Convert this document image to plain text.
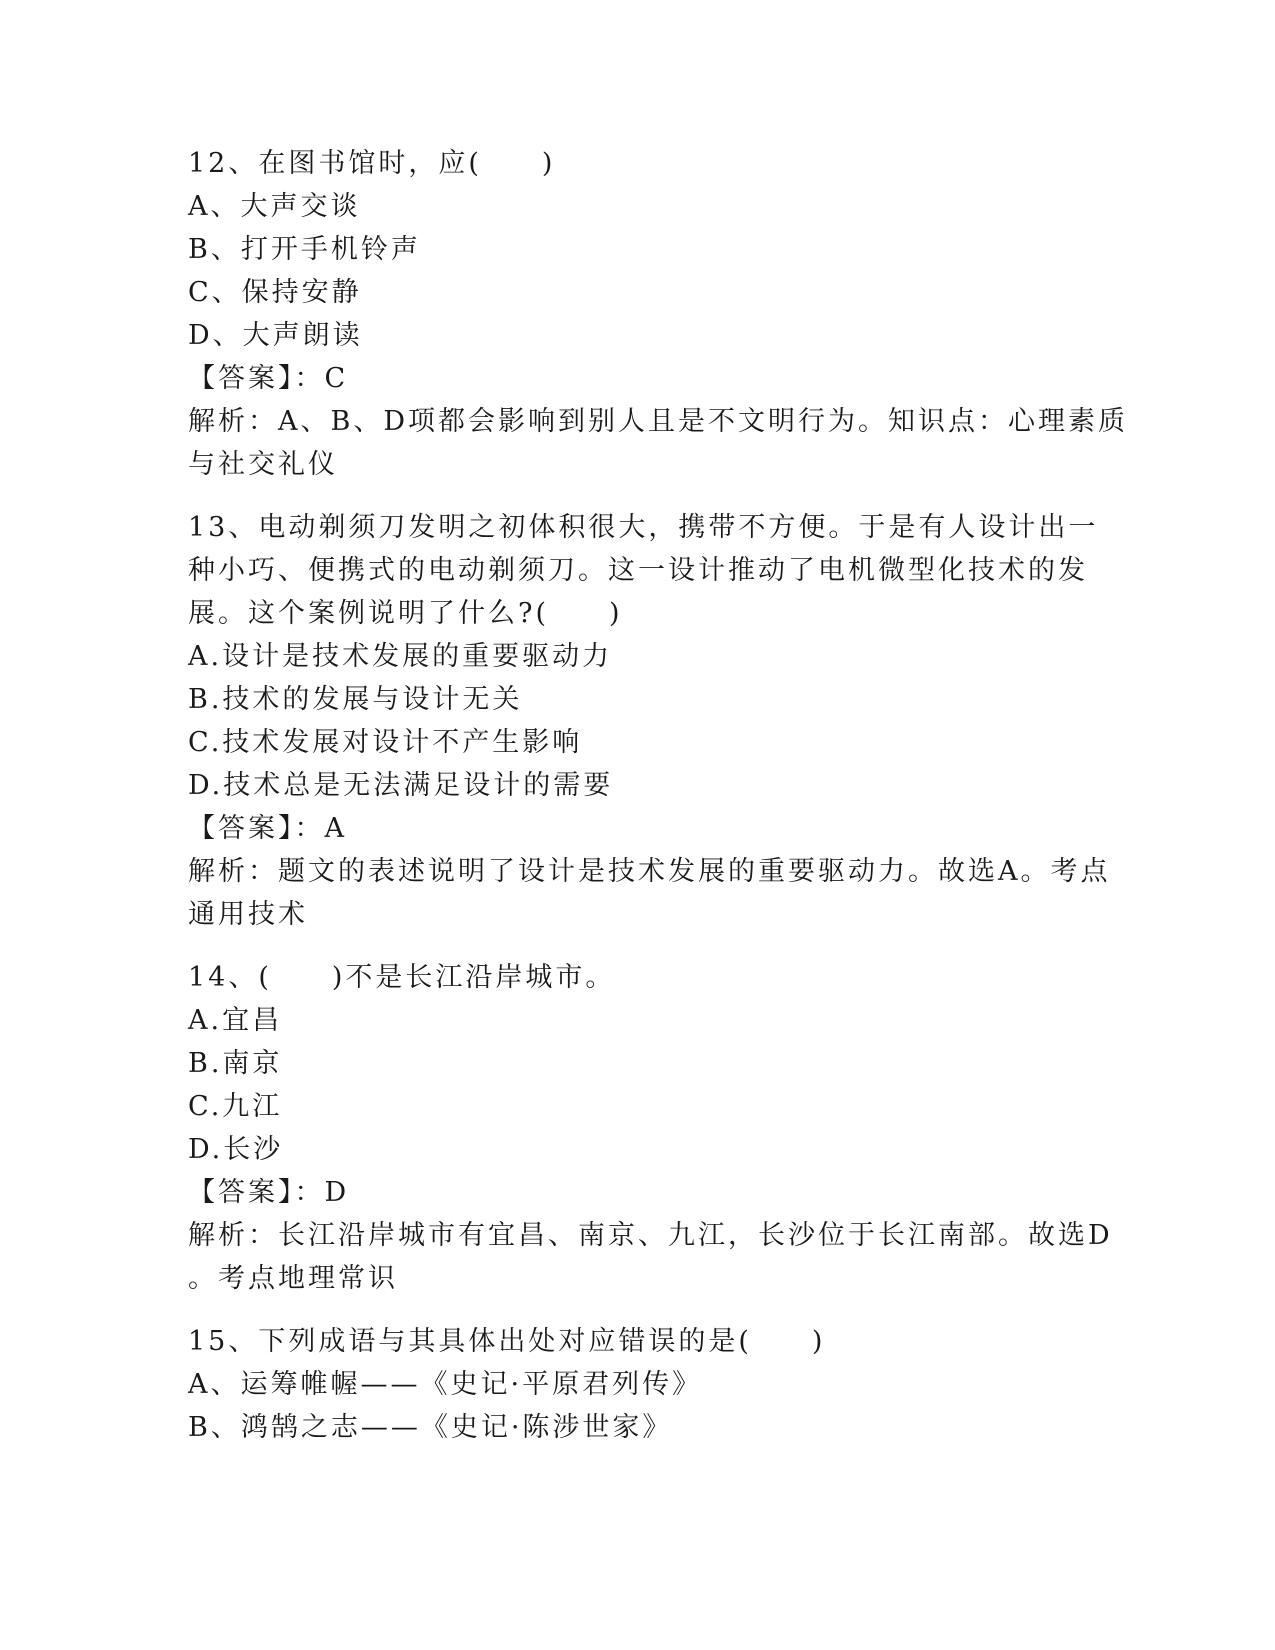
12、在图书馆时，应(　　)
A、大声交谈
B、打开手机铃声
C、保持安静
D、大声朗读
【答案】：C
解析：A、B、D项都会影响到别人且是不文明行为。知识点：心理素质
与社交礼仪
13、电动剃须刀发明之初体积很大，携带不方便。于是有人设计出一
种小巧、便携式的电动剃须刀。这一设计推动了电机微型化技术的发
展。这个案例说明了什么?(　　)
A.设计是技术发展的重要驱动力
B.技术的发展与设计无关
C.技术发展对设计不产生影响
D.技术总是无法满足设计的需要
【答案】：A
解析：题文的表述说明了设计是技术发展的重要驱动力。故选A。考点
通用技术
14、(　　)不是长江沿岸城市。
A.宜昌
B.南京
C.九江
D.长沙
【答案】：D
解析：长江沿岸城市有宜昌、南京、九江，长沙位于长江南部。故选D
。考点地理常识
15、下列成语与其具体出处对应错误的是(　　)
A、运筹帷幄——《史记·平原君列传》
B、鸿鹄之志——《史记·陈涉世家》
